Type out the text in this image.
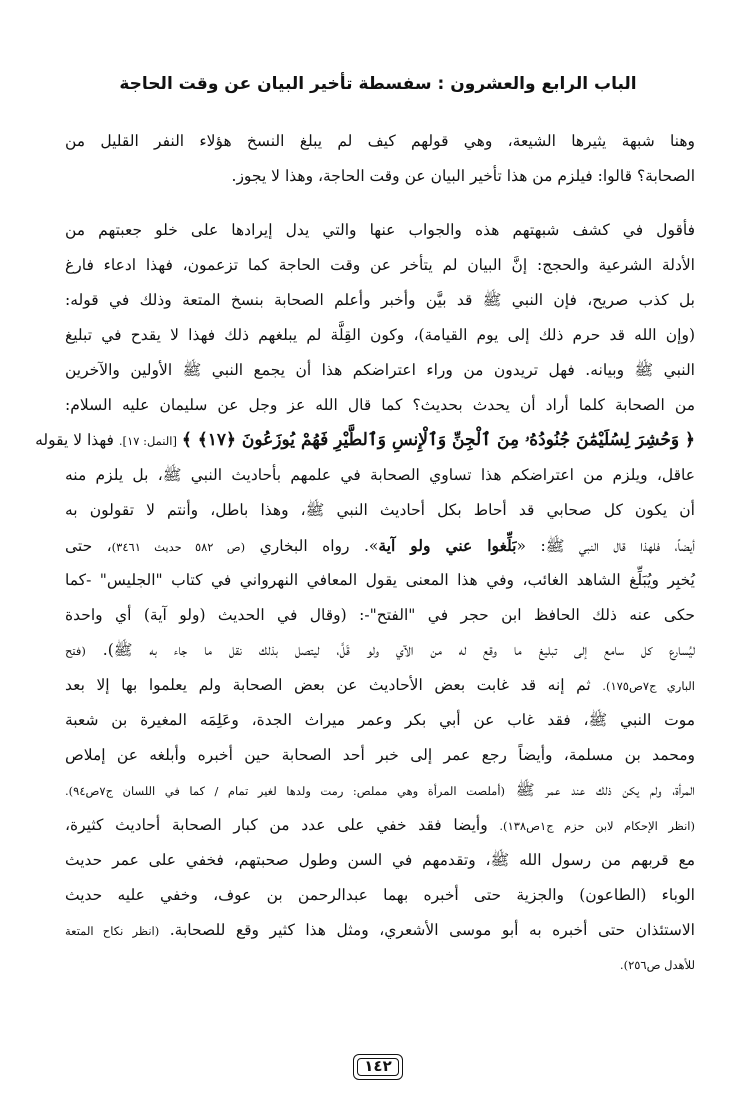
الباب الرابع والعشرون : سفسطة تأخير البيان عن وقت الحاجة
وهنا شبهة يثيرها الشيعة، وهي قولهم كيف لم يبلغ النسخ هؤلاء النفر القليل من
الصحابة؟ قالوا: فيلزم من هذا تأخير البيان عن وقت الحاجة، وهذا لا يجوز.
فأقول في كشف شبهتهم هذه والجواب عنها والتي يدل إيرادها على خلو جعبتهم من
الأدلة الشرعية والحجج: إنَّ البيان لم يتأخر عن وقت الحاجة كما تزعمون، فهذا ادعاء فارغ
بل كذب صريح، فإن النبي ﷺ قد بيَّن وأخبر وأعلم الصحابة بنسخ المتعة وذلك في قوله:
(وإن الله قد حرم ذلك إلى يوم القيامة)، وكون القِلَّة لم يبلغهم ذلك فهذا لا يقدح في تبليغ
النبي ﷺ وبيانه. فهل تريدون من وراء اعتراضكم هذا أن يجمع النبي ﷺ الأولين والآخرين
من الصحابة كلما أراد أن يحدث بحديث؟ كما قال الله عز وجل عن سليمان عليه السلام:
﴿ وَحُشِرَ لِسُلَيْمَٰنَ جُنُودُهُۥ مِنَ ٱلْجِنِّ وَٱلْإِنسِ وَٱلطَّيْرِ فَهُمْ يُوزَعُونَ ﴿١٧﴾ ﴾ [النمل: ١٧]. فهذا لا يقوله
عاقل، ويلزم من اعتراضكم هذا تساوي الصحابة في علمهم بأحاديث النبي ﷺ، بل يلزم منه
أن يكون كل صحابي قد أحاط بكل أحاديث النبي ﷺ، وهذا باطل، وأنتم لا تقولون به
أيضاً، فلهذا قال النبي ﷺ: «بَلِّغوا عني ولو آية». رواه البخاري (ص ٥٨٢ حديث ٣٤٦١)، حتى
يُخبِر ويُبَلِّغ الشاهد الغائب، وفي هذا المعنى يقول المعافي النهرواني في كتاب "الجليس" -كما
حكى عنه ذلك الحافظ ابن حجر في "الفتح"-: (وقال في الحديث (ولو آية) أي واحدة
ليُسارع كل سامع إلى تبليغ ما وقع له من الآي ولو قَلَّ، ليتصل بذلك نقل ما جاء به ﷺ). (فتح
الباري ج٧ص١٧٥). ثم إنه قد غابت بعض الأحاديث عن بعض الصحابة ولم يعلموا بها إلا بعد
موت النبي ﷺ، فقد غاب عن أبي بكر وعمر ميراث الجدة، وعَلِمَه المغيرة بن شعبة
ومحمد بن مسلمة، وأيضاً رجع عمر إلى خبر أحد الصحابة حين أخبره وأبلغه عن إملاص
المرأة، ولم يكن ذلك عند عمر ﷺ (أملصت المرأة وهي مملص: رمت ولدها لغير تمام / كما في اللسان ج٧ص٩٤).
(انظر الإحكام لابن حزم ج١ص١٣٨). وأيضا فقد خفي على عدد من كبار الصحابة أحاديث كثيرة،
مع قربهم من رسول الله ﷺ، وتقدمهم في السن وطول صحبتهم، فخفي على عمر حديث
الوباء (الطاعون) والجزية حتى أخبره بهما عبدالرحمن بن عوف، وخفي عليه حديث
الاستئذان حتى أخبره به أبو موسى الأشعري، ومثل هذا كثير وقع للصحابة. (انظر نكاح المتعة
للأهدل ص٢٥٦).
١٤٢
